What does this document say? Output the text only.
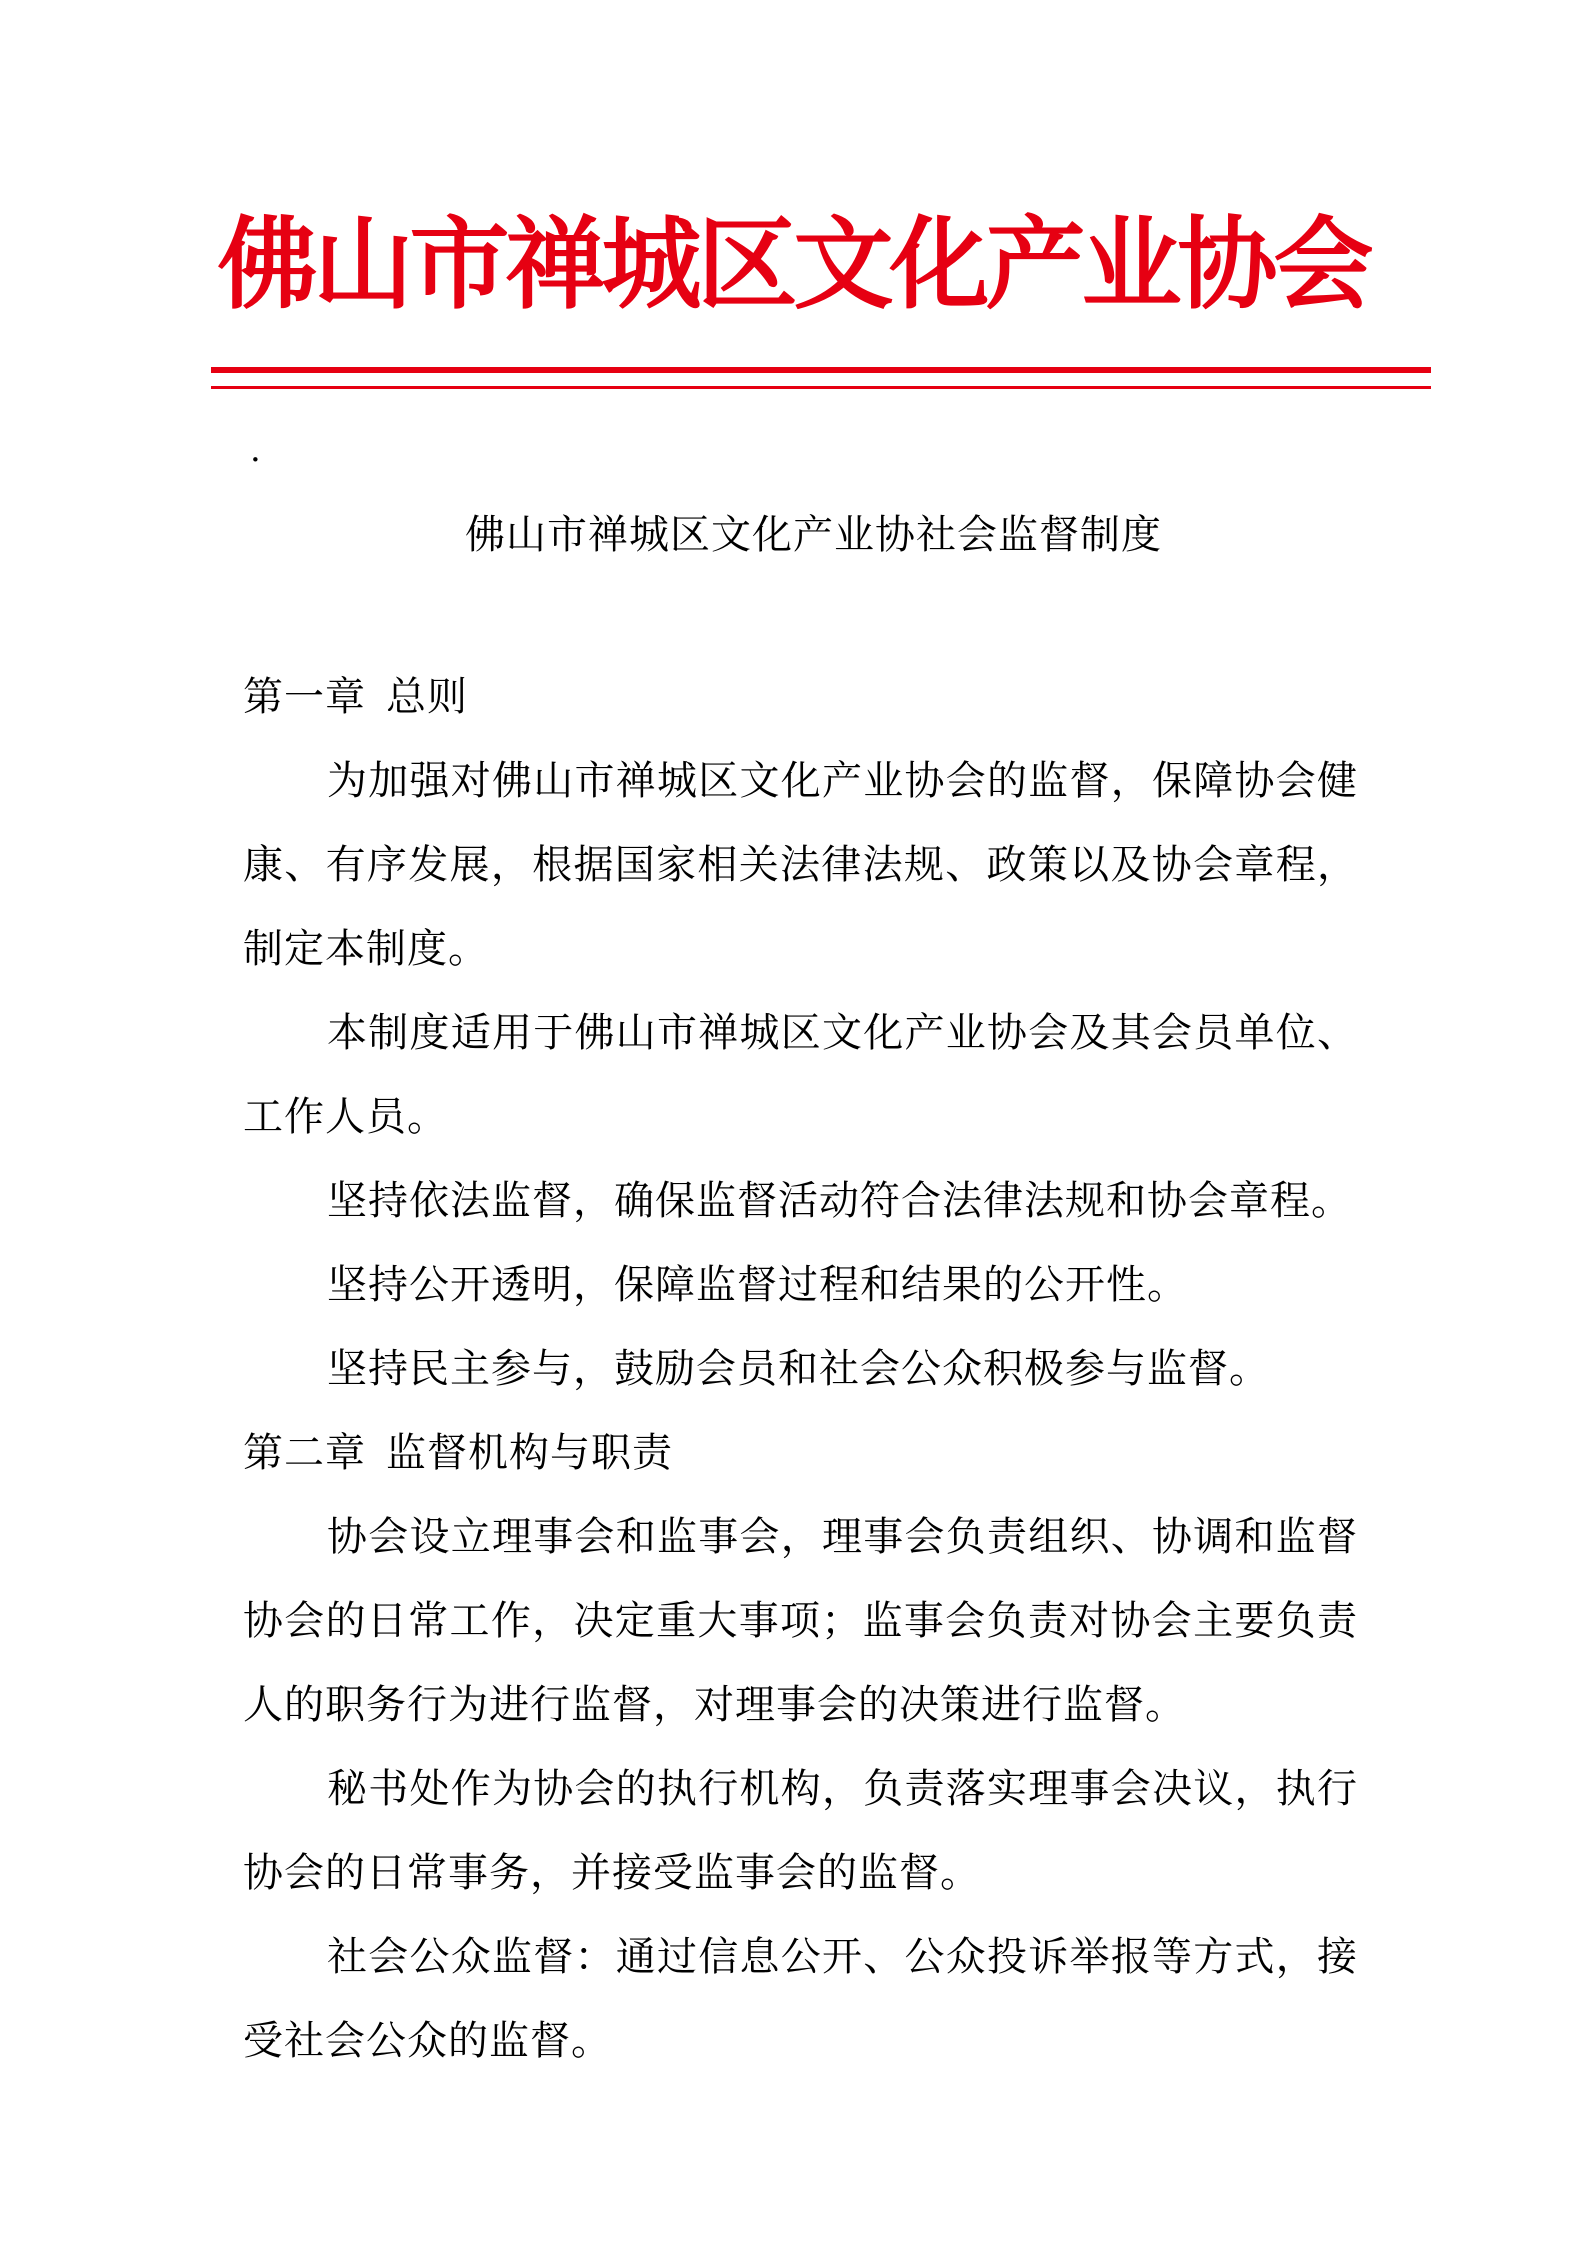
佛山市禅城区文化产业协会
·
佛山市禅城区文化产业协社会监督制度

第一章 总则

为加强对佛山市禅城区文化产业协会的监督，保障协会健康、有序发展，根据国家相关法律法规、政策以及协会章程，制定本制度。

本制度适用于佛山市禅城区文化产业协会及其会员单位、工作人员。

坚持依法监督，确保监督活动符合法律法规和协会章程。

坚持公开透明，保障监督过程和结果的公开性。

坚持民主参与，鼓励会员和社会公众积极参与监督。

第二章 监督机构与职责

协会设立理事会和监事会，理事会负责组织、协调和监督协会的日常工作，决定重大事项；监事会负责对协会主要负责人的职务行为进行监督，对理事会的决策进行监督。

秘书处作为协会的执行机构，负责落实理事会决议，执行协会的日常事务，并接受监事会的监督。

社会公众监督：通过信息公开、公众投诉举报等方式，接受社会公众的监督。
